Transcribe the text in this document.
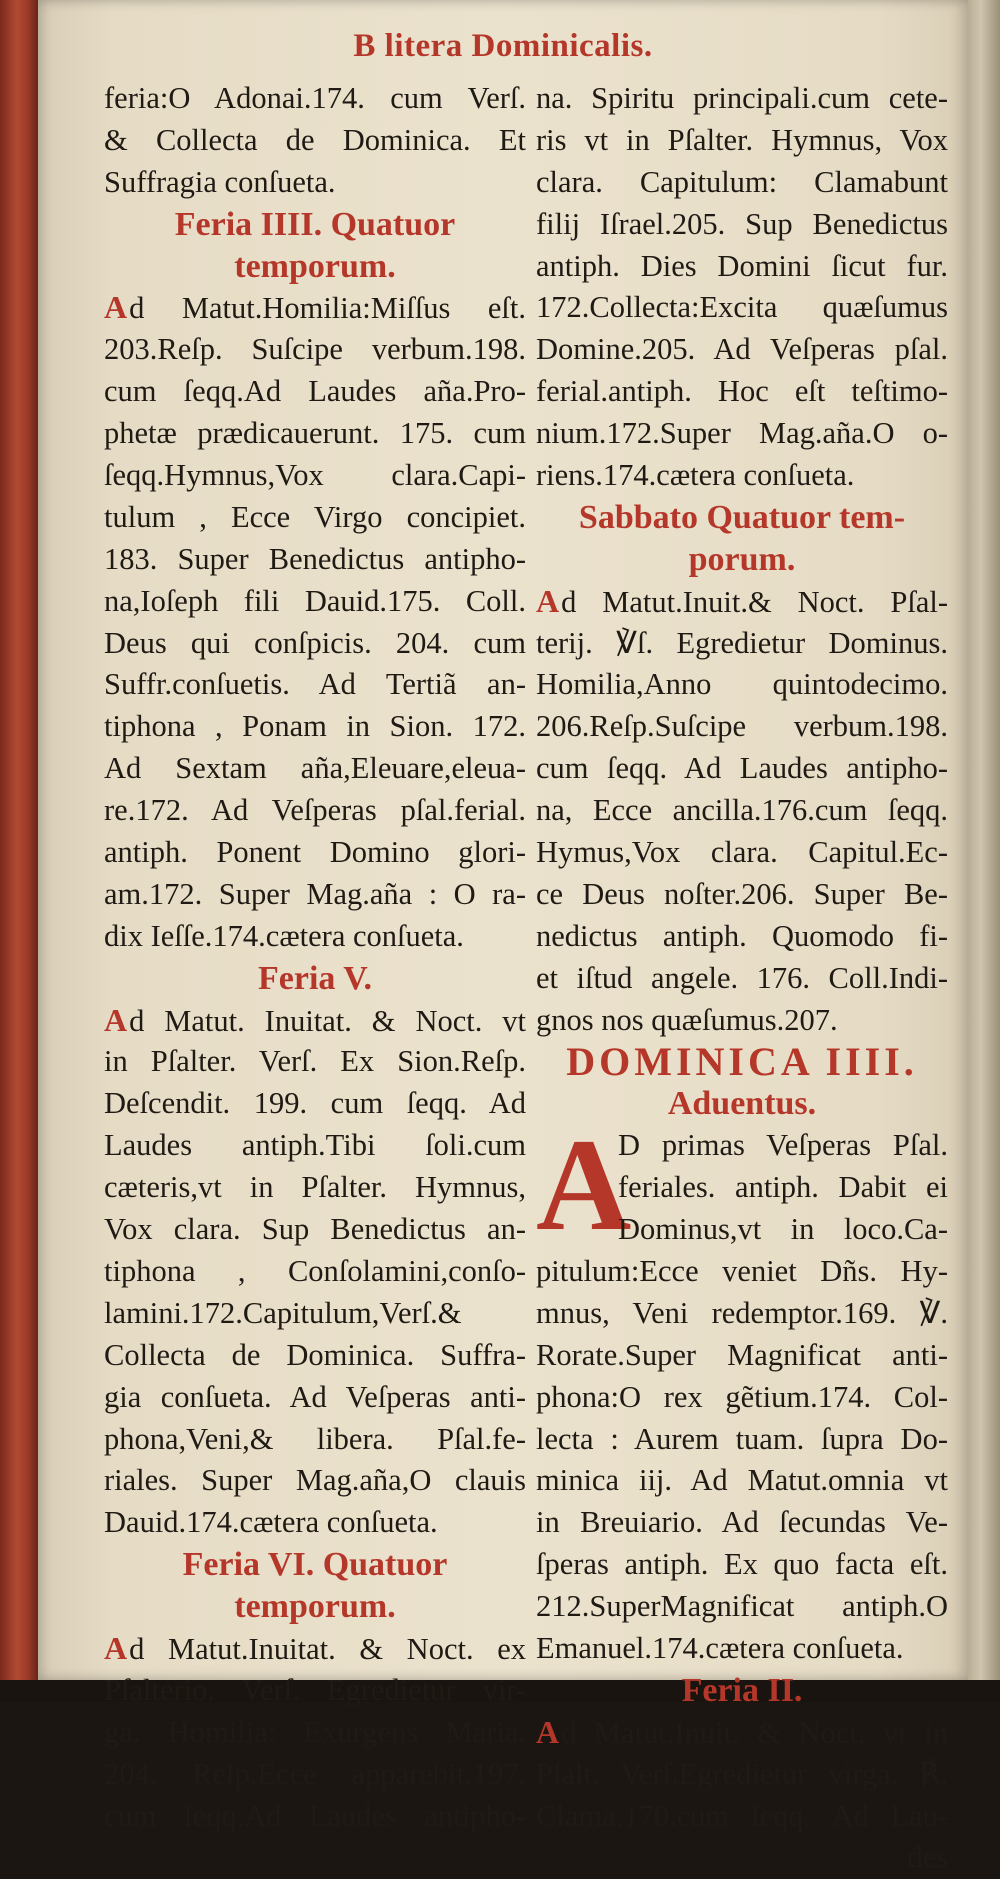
B litera Dominicalis.
feria:O Adonai.174. cum Verſ.
& Collecta de Dominica. Et
Suffragia conſueta.
Feria IIII. Quatuor
temporum.
Ad Matut.Homilia:Miſſus eſt.
203.Reſp. Suſcipe verbum.198.
cum ſeqq.Ad Laudes aña.Pro-
phetæ prædicauerunt. 175. cum
ſeqq.Hymnus,Vox clara.Capi-
tulum , Ecce Virgo concipiet.
183. Super Benedictus antipho-
na,Ioſeph fili Dauid.175. Coll.
Deus qui conſpicis. 204. cum
Suffr.conſuetis. Ad Tertiã an-
tiphona , Ponam in Sion. 172.
Ad Sextam aña,Eleuare,eleua-
re.172. Ad Veſperas pſal.ferial.
antiph. Ponent Domino glori-
am.172. Super Mag.aña : O ra-
dix Ieſſe.174.cætera conſueta.
Feria V.
Ad Matut. Inuitat. & Noct. vt
in Pſalter. Verſ. Ex Sion.Reſp.
Deſcendit. 199. cum ſeqq. Ad
Laudes antiph.Tibi ſoli.cum
cæteris,vt in Pſalter. Hymnus,
Vox clara. Sup Benedictus an-
tiphona , Conſolamini,conſo-
lamini.172.Capitulum,Verſ.&
Collecta de Dominica. Suffra-
gia conſueta. Ad Veſperas anti-
phona,Veni,& libera. Pſal.fe-
riales. Super Mag.aña,O clauis
Dauid.174.cætera conſueta.
Feria VI. Quatuor
temporum.
Ad Matut.Inuitat. & Noct. ex
Pſalterio. Verſ. Egredietur vir-
ga. Homilia: Exurgens Maria.
204. Reſp.Ecce apparebit.197.
cum ſeqq.Ad Laudes antipho-
na. Spiritu principali.cum cete-
ris vt in Pſalter. Hymnus, Vox
clara. Capitulum: Clamabunt
filij Iſrael.205. Sup Benedictus
antiph. Dies Domini ſicut fur.
172.Collecta:Excita quæſumus
Domine.205. Ad Veſperas pſal.
ferial.antiph. Hoc eſt teſtimo-
nium.172.Super Mag.aña.O o-
riens.174.cætera conſueta.
Sabbato Quatuor tem-
porum.
Ad Matut.Inuit.& Noct. Pſal-
terij. ℣ſ. Egredietur Dominus.
Homilia,Anno quintodecimo.
206.Reſp.Suſcipe verbum.198.
cum ſeqq. Ad Laudes antipho-
na, Ecce ancilla.176.cum ſeqq.
Hymus,Vox clara. Capitul.Ec-
ce Deus noſter.206. Super Be-
nedictus antiph. Quomodo fi-
et iſtud angele. 176. Coll.Indi-
gnos nos quæſumus.207.
DOMINICA IIII.
Aduentus.
A
D primas Veſperas Pſal.
feriales. antiph. Dabit ei
Dominus,vt in loco.Ca-
pitulum:Ecce veniet Dñs. Hy-
mnus, Veni redemptor.169. ℣.
Rorate.Super Magnificat anti-
phona:O rex gẽtium.174. Col-
lecta : Aurem tuam. ſupra Do-
minica iij. Ad Matut.omnia vt
in Breuiario. Ad ſecundas Ve-
ſperas antiph. Ex quo facta eſt.
212.SuperMagnificat antiph.O
Emanuel.174.cætera conſueta.
Feria II.
Ad Matut.Inuit. & Noct. vt in
Pſalt. Verſ.Egredietur virga. ℟.
Clama.170.cum ſeqq. Ad Lau-
des
